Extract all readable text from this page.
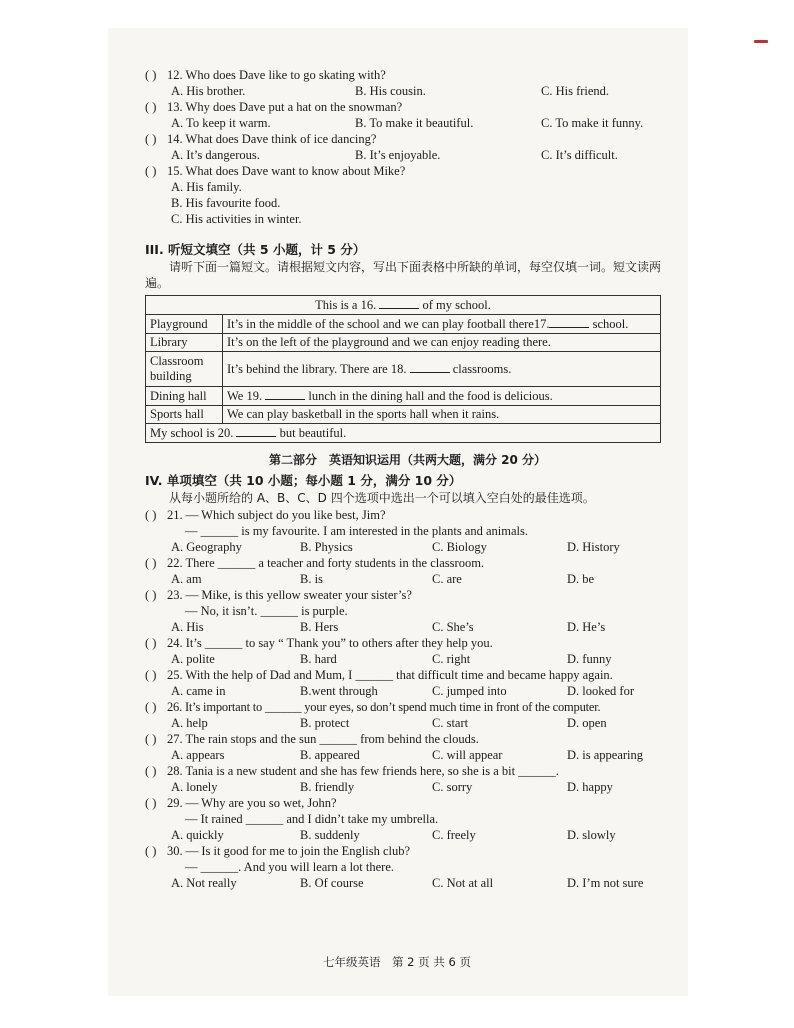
( ) 12. Who does Dave like to go skating with?
A. His brother.	B. His cousin.	C. His friend.
( ) 13. Why does Dave put a hat on the snowman?
A. To keep it warm.	B. To make it beautiful.	C. To make it funny.
( ) 14. What does Dave think of ice dancing?
A. It’s dangerous.	B. It’s enjoyable.	C. It’s difficult.
( ) 15. What does Dave want to know about Mike?
A. His family.
B. His favourite food.
C. His activities in winter.
III. 听短文填空（共 5 小题，计 5 分）
请听下面一篇短文。请根据短文内容，写出下面表格中所缺的单词，每空仅填一词。短文读两遍。
This is a 16. of my school.	
Playground	It’s in the middle of the school and we can play football there17. school.
Library	It’s on the left of the playground and we can enjoy reading there.
Classroom building	It’s behind the library. There are 18. classrooms.
Dining hall	We 19. lunch in the dining hall and the food is delicious.
Sports hall	We can play basketball in the sports hall when it rains.
My school is 20. but beautiful.	
第二部分　英语知识运用（共两大题，满分 20 分）
IV. 单项填空（共 10 小题；每小题 1 分，满分 10 分）
从每小题所给的 A、B、C、D 四个选项中选出一个可以填入空白处的最佳选项。
( ) 21. — Which subject do you like best, Jim?
— ______ is my favourite. I am interested in the plants and animals.
A. Geography	B. Physics	C. Biology	D. History
( ) 22. There ______ a teacher and forty students in the classroom.
A. am	B. is	C. are	D. be
( ) 23. — Mike, is this yellow sweater your sister’s?
— No, it isn’t. ______ is purple.
A. His	B. Hers	C. She’s	D. He’s
( ) 24. It’s ______ to say “ Thank you” to others after they help you.
A. polite	B. hard	C. right	D. funny
( ) 25. With the help of Dad and Mum, I ______ that difficult time and became happy again.
A. came in	B.went through	C. jumped into	D. looked for
( ) 26. It’s important to ______ your eyes, so don’t spend much time in front of the computer.
A. help	B. protect	C. start	D. open
( ) 27. The rain stops and the sun ______ from behind the clouds.
A. appears	B. appeared	C. will appear	D. is appearing
( ) 28. Tania is a new student and she has few friends here, so she is a bit ______.
A. lonely	B. friendly	C. sorry	D. happy
( ) 29. — Why are you so wet, John?
— It rained ______ and I didn’t take my umbrella.
A. quickly	B. suddenly	C. freely	D. slowly
( ) 30. — Is it good for me to join the English club?
— ______. And you will learn a lot there.
A. Not really	B. Of course	C. Not at all	D. I’m not sure
七年级英语　第 2 页 共 6 页
